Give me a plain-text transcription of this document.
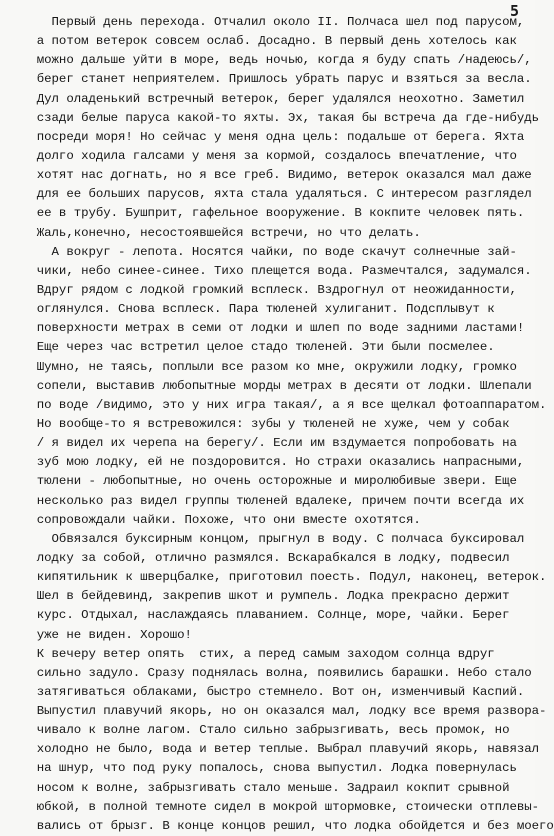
5
Первый день перехода. Отчалил около II. Полчаса шел под парусом,
а потом ветерок совсем ослаб. Досадно. В первый день хотелось как
можно дальше уйти в море, ведь ночью, когда я буду спать /надеюсь/,
берег станет неприятелем. Пришлось убрать парус и взяться за весла.
Дул оладенький встречный ветерок, берег удалялся неохотно. Заметил
сзади белые паруса какой-то яхты. Эх, такая бы встреча да где-нибудь
посреди моря! Но сейчас у меня одна цель: подальше от берега. Яхта
долго ходила галсами у меня за кормой, создалось впечатление, что
хотят нас догнать, но я все греб. Видимо, ветерок оказался мал даже
для ее больших парусов, яхта стала удаляться. С интересом разглядел
ее в трубу. Бушприт, гафельное вооружение. В кокпите человек пять.
Жаль,конечно, несостоявшейся встречи, но что делать.
А вокруг - лепота. Носятся чайки, по воде скачут солнечные зай-
чики, небо синее-синее. Тихо плещется вода. Размечтался, задумался.
Вдруг рядом с лодкой громкий всплеск. Вздрогнул от неожиданности,
оглянулся. Снова всплеск. Пара тюленей хулиганит. Подсплывут к
поверхности метрах в семи от лодки и шлеп по воде задними ластами!
Еще через час встретил целое стадо тюленей. Эти были посмелее.
Шумно, не таясь, поплыли все разом ко мне, окружили лодку, громко
сопели, выставив любопытные морды метрах в десяти от лодки. Шлепали
по воде /видимо, это у них игра такая/, а я все щелкал фотоаппаратом.
Но вообще-то я встревожился: зубы у тюленей не хуже, чем у собак
/ я видел их черепа на берегу/. Если им вздумается попробовать на
зуб мою лодку, ей не поздоровится. Но страхи оказались напрасными,
тюлени - любопытные, но очень осторожные и миролюбивые звери. Еще
несколько раз видел группы тюленей вдалеке, причем почти всегда их
сопровождали чайки. Похоже, что они вместе охотятся.
Обвязался буксирным концом, прыгнул в воду. С полчаса буксировал
лодку за собой, отлично размялся. Вскарабкался в лодку, подвесил
кипятильник к шверцбалке, приготовил поесть. Подул, наконец, ветерок.
Шел в бейдевинд, закрепив шкот и румпель. Лодка прекрасно держит
курс. Отдыхал, наслаждаясь плаванием. Солнце, море, чайки. Берег
уже не виден. Хорошо!
К вечеру ветер опять  стих, а перед самым заходом солнца вдруг
сильно задуло. Сразу поднялась волна, появились барашки. Небо стало
затягиваться облаками, быстро стемнело. Вот он, изменчивый Каспий.
Выпустил плавучий якорь, но он оказался мал, лодку все время развора-
чивало к волне лагом. Стало сильно забрызгивать, весь промок, но
холодно не было, вода и ветер теплые. Выбрал плавучий якорь, навязал
на шнур, что под руку попалось, снова выпустил. Лодка повернулась
носом к волне, забрызгивать стало меньше. Задраил кокпит срывной
юбкой, в полной темноте сидел в мокрой штормовке, стоически отплевы-
вались от брызг. В конце концов решил, что лодка обойдется и без моего
